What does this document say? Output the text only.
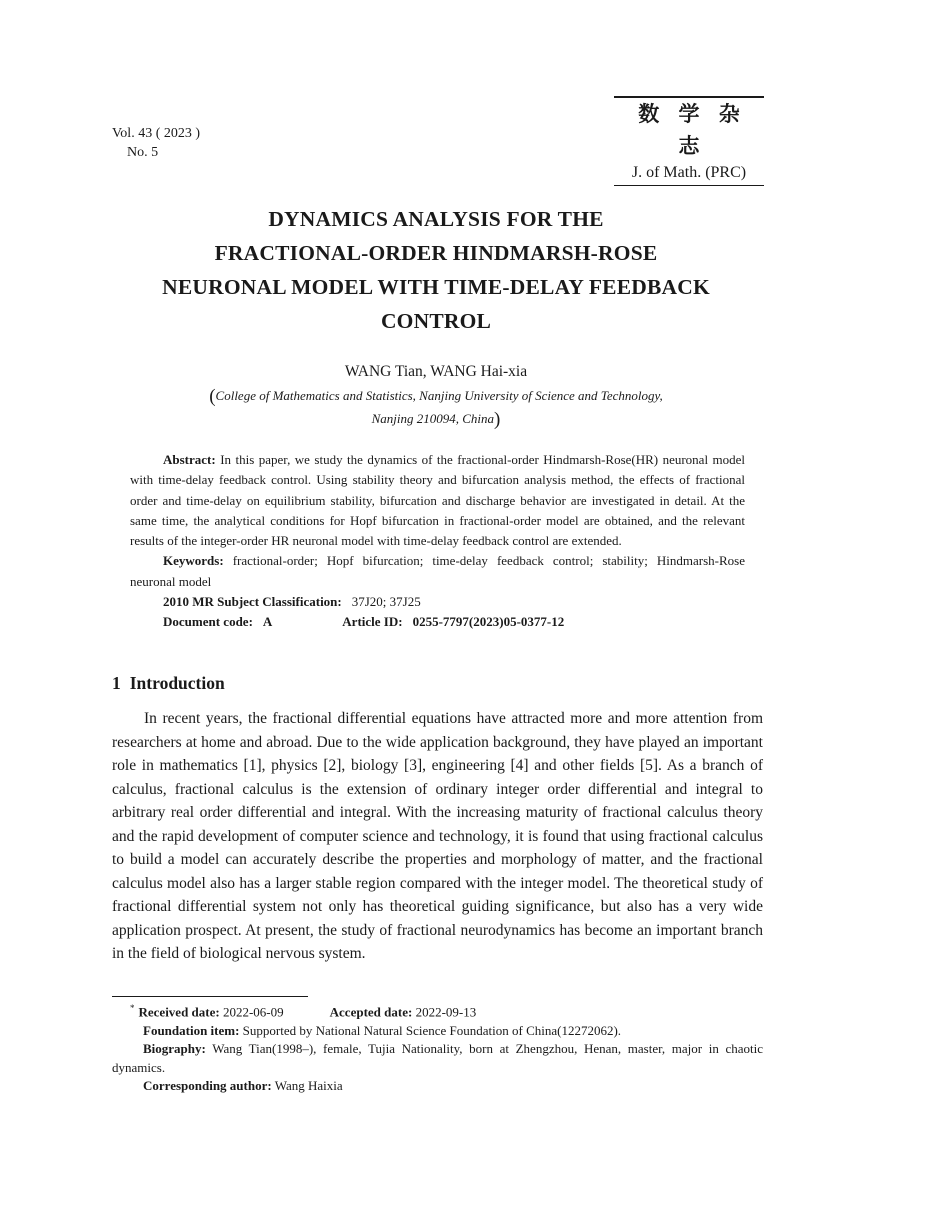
Vol. 43 ( 2023 )
No. 5
数 学 杂 志
J. of Math. (PRC)
DYNAMICS ANALYSIS FOR THE
FRACTIONAL-ORDER HINDMARSH-ROSE
NEURONAL MODEL WITH TIME-DELAY FEEDBACK
CONTROL
WANG Tian, WANG Hai-xia
(College of Mathematics and Statistics, Nanjing University of Science and Technology,
Nanjing 210094, China)

Abstract: In this paper, we study the dynamics of the fractional-order Hindmarsh-Rose(HR) neuronal model with time-delay feedback control. Using stability theory and bifurcation analysis method, the effects of fractional order and time-delay on equilibrium stability, bifurcation and discharge behavior are investigated in detail. At the same time, the analytical conditions for Hopf bifurcation in fractional-order model are obtained, and the relevant results of the integer-order HR neuronal model with time-delay feedback control are extended.

Keywords: fractional-order; Hopf bifurcation; time-delay feedback control; stability; Hindmarsh-Rose neuronal model

2010 MR Subject Classification: 37J20; 37J25

Document code: A	Article ID: 0255-7797(2023)05-0377-12

1 Introduction

In recent years, the fractional differential equations have attracted more and more attention from researchers at home and abroad. Due to the wide application background, they have played an important role in mathematics [1], physics [2], biology [3], engineering [4] and other fields [5]. As a branch of calculus, fractional calculus is the extension of ordinary integer order differential and integral to arbitrary real order differential and integral. With the increasing maturity of fractional calculus theory and the rapid development of computer science and technology, it is found that using fractional calculus to build a model can accurately describe the properties and morphology of matter, and the fractional calculus model also has a larger stable region compared with the integer model. The theoretical study of fractional differential system not only has theoretical guiding significance, but also has a very wide application prospect. At present, the study of fractional neurodynamics has become an important branch in the field of biological nervous system.

* Received date: 2022-06-09	Accepted date: 2022-09-13

Foundation item: Supported by National Natural Science Foundation of China(12272062).

Biography: Wang Tian(1998–), female, Tujia Nationality, born at Zhengzhou, Henan, master, major in chaotic dynamics.

Corresponding author: Wang Haixia
